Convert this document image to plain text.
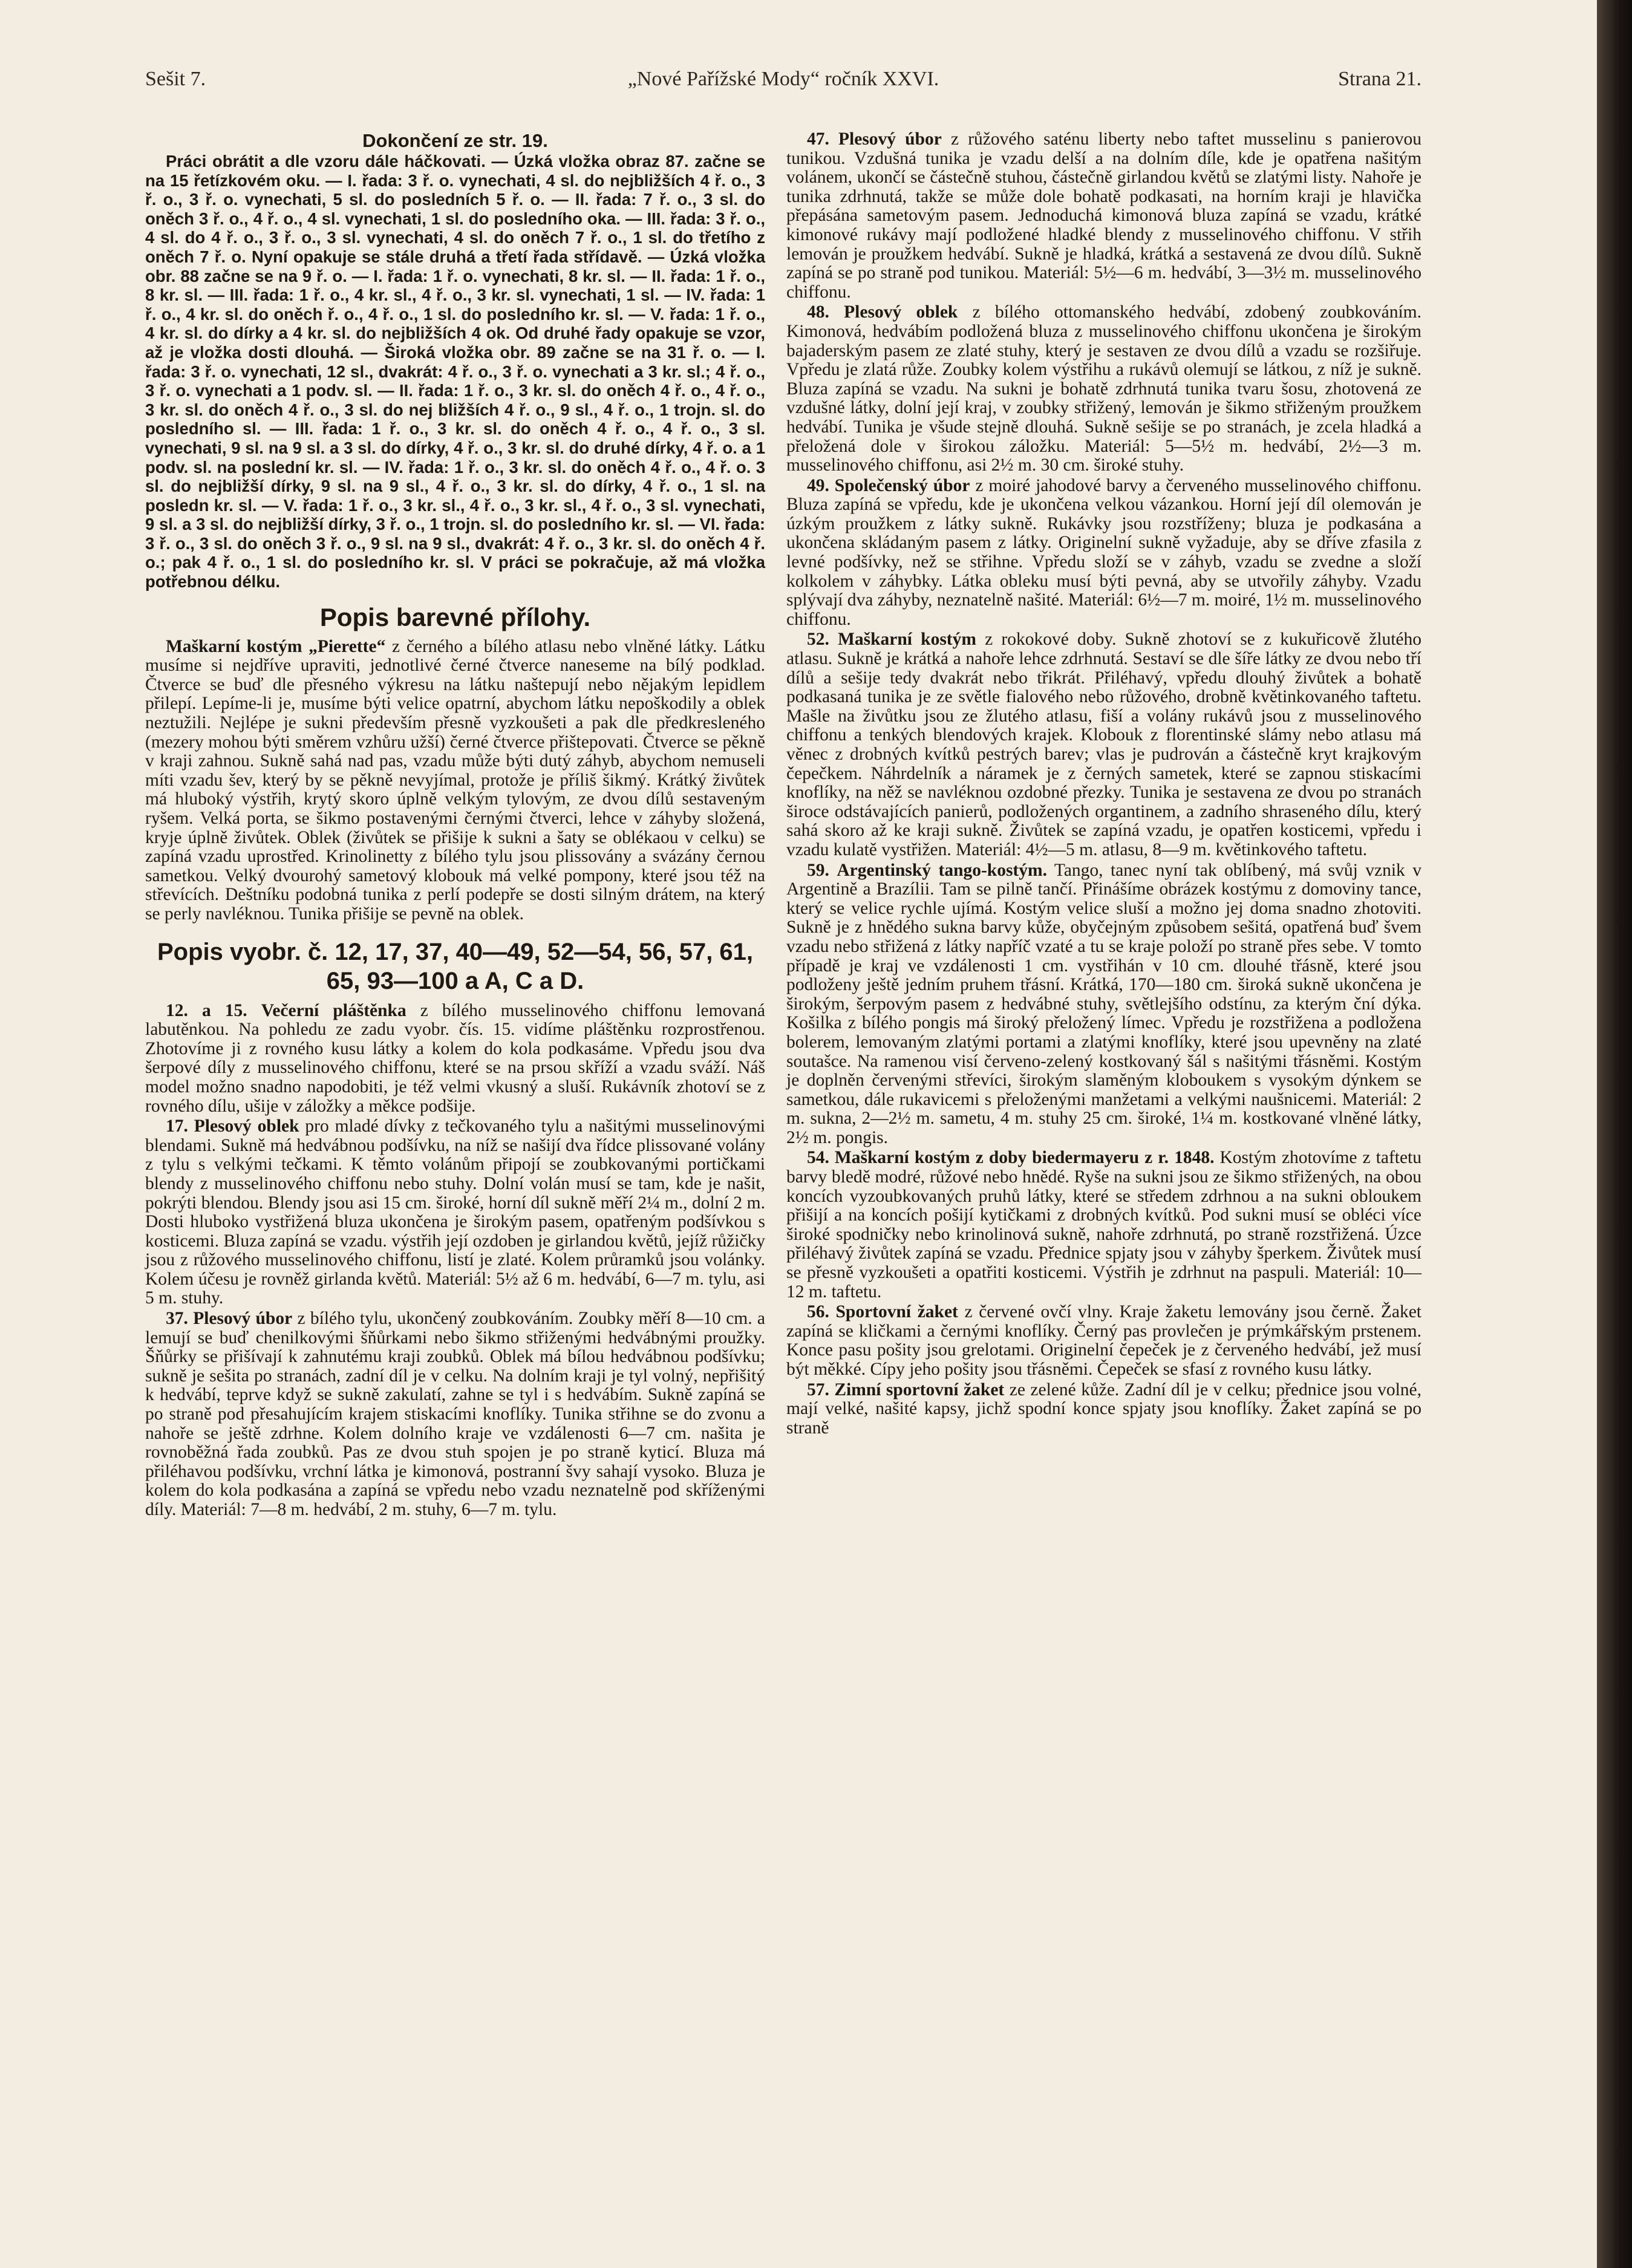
Sešit 7.	„Nové Pařížské Mody“ ročník XXVI.	Strana 21.
Dokončení ze str. 19.

Práci obrátit a dle vzoru dále háčkovati. — Úzká vložka obraz 87. začne se na 15 řetízkovém oku. — I. řada: 3 ř. o. vynechati, 4 sl. do nejbližších 4 ř. o., 3 ř. o., 3 ř. o. vynechati, 5 sl. do posledních 5 ř. o. — II. řada: 7 ř. o., 3 sl. do oněch 3 ř. o., 4 ř. o., 4 sl. vynechati, 1 sl. do posledního oka. — III. řada: 3 ř. o., 4 sl. do 4 ř. o., 3 ř. o., 3 sl. vynechati, 4 sl. do oněch 7 ř. o., 1 sl. do třetího z oněch 7 ř. o. Nyní opakuje se stále druhá a třetí řada střídavě. — Úzká vložka obr. 88 začne se na 9 ř. o. — I. řada: 1 ř. o. vynechati, 8 kr. sl. — II. řada: 1 ř. o., 8 kr. sl. — III. řada: 1 ř. o., 4 kr. sl., 4 ř. o., 3 kr. sl. vynechati, 1 sl. — IV. řada: 1 ř. o., 4 kr. sl. do oněch ř. o., 4 ř. o., 1 sl. do posledního kr. sl. — V. řada: 1 ř. o., 4 kr. sl. do dírky a 4 kr. sl. do nejbližších 4 ok. Od druhé řady opakuje se vzor, až je vložka dosti dlouhá. — Široká vložka obr. 89 začne se na 31 ř. o. — I. řada: 3 ř. o. vynechati, 12 sl., dvakrát: 4 ř. o., 3 ř. o. vynechati a 3 kr. sl.; 4 ř. o., 3 ř. o. vynechati a 1 podv. sl. — II. řada: 1 ř. o., 3 kr. sl. do oněch 4 ř. o., 4 ř. o., 3 kr. sl. do oněch 4 ř. o., 3 sl. do nej bližších 4 ř. o., 9 sl., 4 ř. o., 1 trojn. sl. do posledního sl. — III. řada: 1 ř. o., 3 kr. sl. do oněch 4 ř. o., 4 ř. o., 3 sl. vynechati, 9 sl. na 9 sl. a 3 sl. do dírky, 4 ř. o., 3 kr. sl. do druhé dírky, 4 ř. o. a 1 podv. sl. na poslední kr. sl. — IV. řada: 1 ř. o., 3 kr. sl. do oněch 4 ř. o., 4 ř. o. 3 sl. do nejbližší dírky, 9 sl. na 9 sl., 4 ř. o., 3 kr. sl. do dírky, 4 ř. o., 1 sl. na posledn kr. sl. — V. řada: 1 ř. o., 3 kr. sl., 4 ř. o., 3 kr. sl., 4 ř. o., 3 sl. vynechati, 9 sl. a 3 sl. do nejbližší dírky, 3 ř. o., 1 trojn. sl. do posledního kr. sl. — VI. řada: 3 ř. o., 3 sl. do oněch 3 ř. o., 9 sl. na 9 sl., dvakrát: 4 ř. o., 3 kr. sl. do oněch 4 ř. o.; pak 4 ř. o., 1 sl. do posledního kr. sl. V práci se pokračuje, až má vložka potřebnou délku.

Popis barevné přílohy.

Maškarní kostým „Pierette“ z černého a bílého atlasu nebo vlněné látky. Látku musíme si nejdříve upraviti, jednotlivé černé čtverce naneseme na bílý podklad. Čtverce se buď dle přesného výkresu na látku naštepují nebo nějakým lepidlem přilepí. Lepíme-li je, musíme býti velice opatrní, abychom látku nepoškodily a oblek neztužili. Nejlépe je sukni především přesně vyzkoušeti a pak dle předkresleného (mezery mohou býti směrem vzhůru užší) černé čtverce přištepovati. Čtverce se pěkně v kraji zahnou. Sukně sahá nad pas, vzadu může býti dutý záhyb, abychom nemuseli míti vzadu šev, který by se pěkně nevyjímal, protože je příliš šikmý. Krátký živůtek má hluboký výstřih, krytý skoro úplně velkým tylovým, ze dvou dílů sestaveným ryšem. Velká porta, se šikmo postavenými černými čtverci, lehce v záhyby složená, kryje úplně živůtek. Oblek (živůtek se přišije k sukni a šaty se oblékaou v celku) se zapíná vzadu uprostřed. Krinolinetty z bílého tylu jsou plissovány a svázány černou sametkou. Velký dvourohý sametový klobouk má velké pompony, které jsou též na střevících. Deštníku podobná tunika z perlí podepře se dosti silným drátem, na který se perly navléknou. Tunika přišije se pevně na oblek.

Popis vyobr. č. 12, 17, 37, 40—49, 52—54, 56, 57, 61, 65, 93—100 a A, C a D.

12. a 15. Večerní pláštěnka z bílého musselinového chiffonu lemovaná labutěnkou. Na pohledu ze zadu vyobr. čís. 15. vidíme pláštěnku rozprostřenou. Zhotovíme ji z rovného kusu látky a kolem do kola podkasáme. Vpředu jsou dva šerpové díly z musselinového chiffonu, které se na prsou skříží a vzadu sváží. Náš model možno snadno napodobiti, je též velmi vkusný a sluší. Rukávník zhotoví se z rovného dílu, ušije v záložky a měkce podšije.

17. Plesový oblek pro mladé dívky z tečkovaného tylu a našitými musselinovými blendami. Sukně má hedvábnou podšívku, na níž se našijí dva řídce plissované volány z tylu s velkými tečkami. K těmto volánům připojí se zoubkovanými portičkami blendy z musselinového chiffonu nebo stuhy. Dolní volán musí se tam, kde je našit, pokrýti blendou. Blendy jsou asi 15 cm. široké, horní díl sukně měří 2¼ m., dolní 2 m. Dosti hluboko vystřižená bluza ukončena je širokým pasem, opatřeným podšívkou s kosticemi. Bluza zapíná se vzadu. výstřih její ozdoben je girlandou květů, jejíž růžičky jsou z růžového musselinového chiffonu, listí je zlaté. Kolem průramků jsou volánky. Kolem účesu je rovněž girlanda květů. Materiál: 5½ až 6 m. hedvábí, 6—7 m. tylu, asi 5 m. stuhy.

37. Plesový úbor z bílého tylu, ukončený zoubkováním. Zoubky měří 8—10 cm. a lemují se buď chenilkovými šňůrkami nebo šikmo střiženými hedvábnými proužky. Šňůrky se přišívají k zahnutému kraji zoubků. Oblek má bílou hedvábnou podšívku; sukně je sešita po stranách, zadní díl je v celku. Na dolním kraji je tyl volný, nepřišitý k hedvábí, teprve když se sukně zakulatí, zahne se tyl i s hedvábím. Sukně zapíná se po straně pod přesahujícím krajem stiskacími knoflíky. Tunika střihne se do zvonu a nahoře se ještě zdrhne. Kolem dolního kraje ve vzdálenosti 6—7 cm. našita je rovnoběžná řada zoubků. Pas ze dvou stuh spojen je po straně kyticí. Bluza má přiléhavou podšívku, vrchní látka je kimonová, postranní švy sahají vysoko. Bluza je kolem do kola podkasána a zapíná se vpředu nebo vzadu neznatelně pod skříženými díly. Materiál: 7—8 m. hedvábí, 2 m. stuhy, 6—7 m. tylu.

47. Plesový úbor z růžového saténu liberty nebo taftet musselinu s panierovou tunikou. Vzdušná tunika je vzadu delší a na dolním díle, kde je opatřena našitým volánem, ukončí se částečně stuhou, částečně girlandou květů se zlatými listy. Nahoře je tunika zdrhnutá, takže se může dole bohatě podkasati, na horním kraji je hlavička přepásána sametovým pasem. Jednoduchá kimonová bluza zapíná se vzadu, krátké kimonové rukávy mají podložené hladké blendy z musselinového chiffonu. V střih lemován je proužkem hedvábí. Sukně je hladká, krátká a sestavená ze dvou dílů. Sukně zapíná se po straně pod tunikou. Materiál: 5½—6 m. hedvábí, 3—3½ m. musselinového chiffonu.

48. Plesový oblek z bílého ottomanského hedvábí, zdobený zoubkováním. Kimonová, hedvábím podložená bluza z musselinového chiffonu ukončena je širokým bajaderským pasem ze zlaté stuhy, který je sestaven ze dvou dílů a vzadu se rozšiřuje. Vpředu je zlatá růže. Zoubky kolem výstřihu a rukávů olemují se látkou, z níž je sukně. Bluza zapíná se vzadu. Na sukni je bohatě zdrhnutá tunika tvaru šosu, zhotovená ze vzdušné látky, dolní její kraj, v zoubky střižený, lemován je šikmo střiženým proužkem hedvábí. Tunika je všude stejně dlouhá. Sukně sešije se po stranách, je zcela hladká a přeložená dole v širokou záložku. Materiál: 5—5½ m. hedvábí, 2½—3 m. musselinového chiffonu, asi 2½ m. 30 cm. široké stuhy.

49. Společenský úbor z moiré jahodové barvy a červeného musselinového chiffonu. Bluza zapíná se vpředu, kde je ukončena velkou vázankou. Horní její díl olemován je úzkým proužkem z látky sukně. Rukávky jsou rozstříženy; bluza je podkasána a ukončena skládaným pasem z látky. Originelní sukně vyžaduje, aby se dříve zfasila z levné podšívky, než se střihne. Vpředu složí se v záhyb, vzadu se zvedne a složí kolkolem v záhybky. Látka obleku musí býti pevná, aby se utvořily záhyby. Vzadu splývají dva záhyby, neznatelně našité. Materiál: 6½—7 m. moiré, 1½ m. musselinového chiffonu.

52. Maškarní kostým z rokokové doby. Sukně zhotoví se z kukuřicově žlutého atlasu. Sukně je krátká a nahoře lehce zdrhnutá. Sestaví se dle šíře látky ze dvou nebo tří dílů a sešije tedy dvakrát nebo třikrát. Přiléhavý, vpředu dlouhý živůtek a bohatě podkasaná tunika je ze světle fialového nebo růžového, drobně květinkovaného taftetu. Mašle na živůtku jsou ze žlutého atlasu, fiší a volány rukávů jsou z musselinového chiffonu a tenkých blendových krajek. Klobouk z florentinské slámy nebo atlasu má věnec z drobných kvítků pestrých barev; vlas je pudrován a částečně kryt krajkovým čepečkem. Náhrdelník a náramek je z černých sametek, které se zapnou stiskacími knoflíky, na něž se navléknou ozdobné přezky. Tunika je sestavena ze dvou po stranách široce odstávajících panierů, podložených organtinem, a zadního shraseného dílu, který sahá skoro až ke kraji sukně. Živůtek se zapíná vzadu, je opatřen kosticemi, vpředu i vzadu kulatě vystřižen. Materiál: 4½—5 m. atlasu, 8—9 m. květinkového taftetu.

59. Argentinský tango-kostým. Tango, tanec nyní tak oblíbený, má svůj vznik v Argentině a Brazílii. Tam se pilně tančí. Přinášíme obrázek kostýmu z domoviny tance, který se velice rychle ujímá. Kostým velice sluší a možno jej doma snadno zhotoviti. Sukně je z hnědého sukna barvy kůže, obyčejným způsobem sešitá, opatřená buď švem vzadu nebo střižená z látky napříč vzaté a tu se kraje položí po straně přes sebe. V tomto případě je kraj ve vzdálenosti 1 cm. vystřihán v 10 cm. dlouhé třásně, které jsou podloženy ještě jedním pruhem třásní. Krátká, 170—180 cm. široká sukně ukončena je širokým, šerpovým pasem z hedvábné stuhy, světlejšího odstínu, za kterým ční dýka. Košilka z bílého pongis má široký přeložený límec. Vpředu je rozstřižena a podložena bolerem, lemovaným zlatými portami a zlatými knoflíky, které jsou upevněny na zlaté soutašce. Na ramenou visí červeno-zelený kostkovaný šál s našitými třásněmi. Kostým je doplněn červenými střevíci, širokým slaměným kloboukem s vysokým dýnkem se sametkou, dále rukavicemi s přeloženými manžetami a velkými naušnicemi. Materiál: 2 m. sukna, 2—2½ m. sametu, 4 m. stuhy 25 cm. široké, 1¼ m. kostkované vlněné látky, 2½ m. pongis.

54. Maškarní kostým z doby biedermayeru z r. 1848. Kostým zhotovíme z taftetu barvy bledě modré, růžové nebo hnědé. Ryše na sukni jsou ze šikmo střižených, na obou koncích vyzoubkovaných pruhů látky, které se středem zdrhnou a na sukni obloukem přišijí a na koncích pošijí kytičkami z drobných kvítků. Pod sukni musí se obléci více široké spodničky nebo krinolinová sukně, nahoře zdrhnutá, po straně rozstřižená. Úzce přiléhavý živůtek zapíná se vzadu. Přednice spjaty jsou v záhyby šperkem. Živůtek musí se přesně vyzkoušeti a opatřiti kosticemi. Výstřih je zdrhnut na paspuli. Materiál: 10—12 m. taftetu.

56. Sportovní žaket z červené ovčí vlny. Kraje žaketu lemovány jsou černě. Žaket zapíná se kličkami a černými knoflíky. Černý pas provlečen je prýmkářským prstenem. Konce pasu pošity jsou grelotami. Originelní čepeček je z červeného hedvábí, jež musí být měkké. Cípy jeho pošity jsou třásněmi. Čepeček se sfasí z rovného kusu látky.

57. Zimní sportovní žaket ze zelené kůže. Zadní díl je v celku; přednice jsou volné, mají velké, našité kapsy, jichž spodní konce spjaty jsou knoflíky. Žaket zapíná se po straně
